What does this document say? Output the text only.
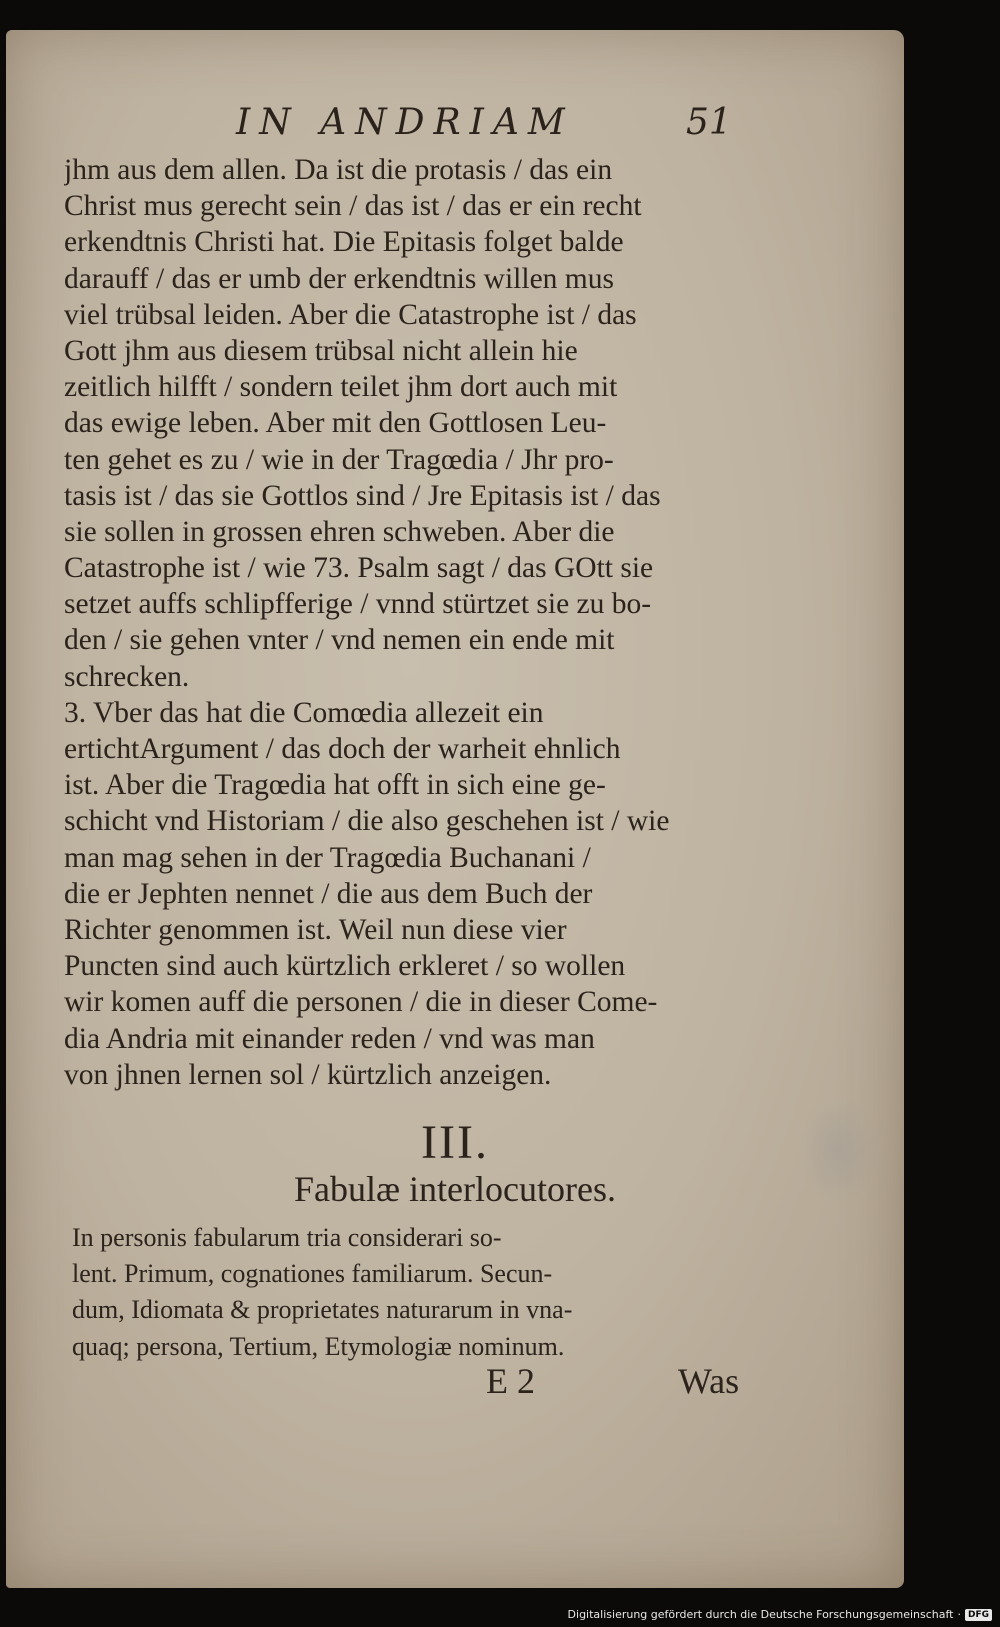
IN ANDRIAM	51
jhm aus dem allen. Da ist die protasis / das ein
Christ mus gerecht sein / das ist / das er ein recht
erkendtnis Christi hat. Die Epitasis folget balde
darauff / das er umb der erkendtnis willen mus
viel trübsal leiden. Aber die Catastrophe ist / das
Gott jhm aus diesem trübsal nicht allein hie
zeitlich hilfft / sondern teilet jhm dort auch mit
das ewige leben. Aber mit den Gottlosen Leu-
ten gehet es zu / wie in der Tragœdia / Jhr pro-
tasis ist / das sie Gottlos sind / Jre Epitasis ist / das
sie sollen in grossen ehren schweben. Aber die
Catastrophe ist / wie 73. Psalm sagt / das GOtt sie
setzet auffs schlipfferige / vnnd stürtzet sie zu bo-
den / sie gehen vnter / vnd nemen ein ende mit
schrecken.
3. Vber das hat die Comœdia allezeit ein
ertichtArgument / das doch der warheit ehnlich
ist. Aber die Tragœdia hat offt in sich eine ge-
schicht vnd Historiam / die also geschehen ist / wie
man mag sehen in der Tragœdia Buchanani /
die er Jephten nennet / die aus dem Buch der
Richter genommen ist. Weil nun diese vier
Puncten sind auch kürtzlich erkleret / so wollen
wir komen auff die personen / die in dieser Come-
dia Andria mit einander reden / vnd was man
von jhnen lernen sol / kürtzlich anzeigen.
III.
Fabulæ interlocutores.
In personis fabularum tria considerari so-
lent. Primum, cognationes familiarum. Secun-
dum, Idiomata & proprietates naturarum in vna-
quaq; persona, Tertium, Etymologiæ nominum.
E 2	Was
Digitalisierung gefördert durch die Deutsche Forschungsgemeinschaft · DFG
